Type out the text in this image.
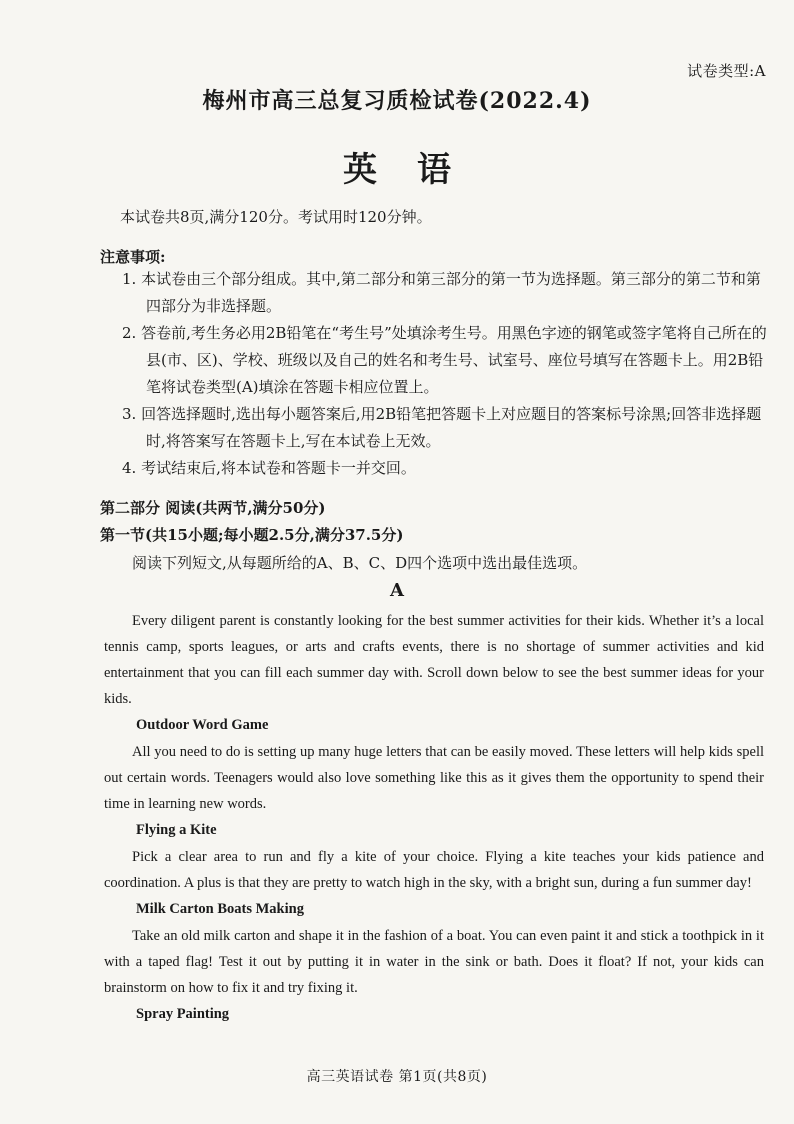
试卷类型:A
梅州市高三总复习质检试卷(2022.4)
英语
本试卷共8页,满分120分。考试用时120分钟。
注意事项:

1. 本试卷由三个部分组成。其中,第二部分和第三部分的第一节为选择题。第三部分的第二节和第四部分为非选择题。

2. 答卷前,考生务必用2B铅笔在“考生号”处填涂考生号。用黑色字迹的钢笔或签字笔将自己所在的县(市、区)、学校、班级以及自己的姓名和考生号、试室号、座位号填写在答题卡上。用2B铅笔将试卷类型(A)填涂在答题卡相应位置上。

3. 回答选择题时,选出每小题答案后,用2B铅笔把答题卡上对应题目的答案标号涂黑;回答非选择题时,将答案写在答题卡上,写在本试卷上无效。

4. 考试结束后,将本试卷和答题卡一并交回。

第二部分 阅读(共两节,满分50分)
第一节(共15小题;每小题2.5分,满分37.5分)
阅读下列短文,从每题所给的A、B、C、D四个选项中选出最佳选项。
A

Every diligent parent is constantly looking for the best summer activities for their kids. Whether it’s a local tennis camp, sports leagues, or arts and crafts events, there is no shortage of summer activities and kid entertainment that you can fill each summer day with. Scroll down below to see the best summer ideas for your kids.

Outdoor Word Game

All you need to do is setting up many huge letters that can be easily moved. These letters will help kids spell out certain words. Teenagers would also love something like this as it gives them the opportunity to spend their time in learning new words.

Flying a Kite

Pick a clear area to run and fly a kite of your choice. Flying a kite teaches your kids patience and coordination. A plus is that they are pretty to watch high in the sky, with a bright sun, during a fun summer day!

Milk Carton Boats Making

Take an old milk carton and shape it in the fashion of a boat. You can even paint it and stick a toothpick in it with a taped flag! Test it out by putting it in water in the sink or bath. Does it float? If not, your kids can brainstorm on how to fix it and try fixing it.

Spray Painting
高三英语试卷 第1页(共8页)
